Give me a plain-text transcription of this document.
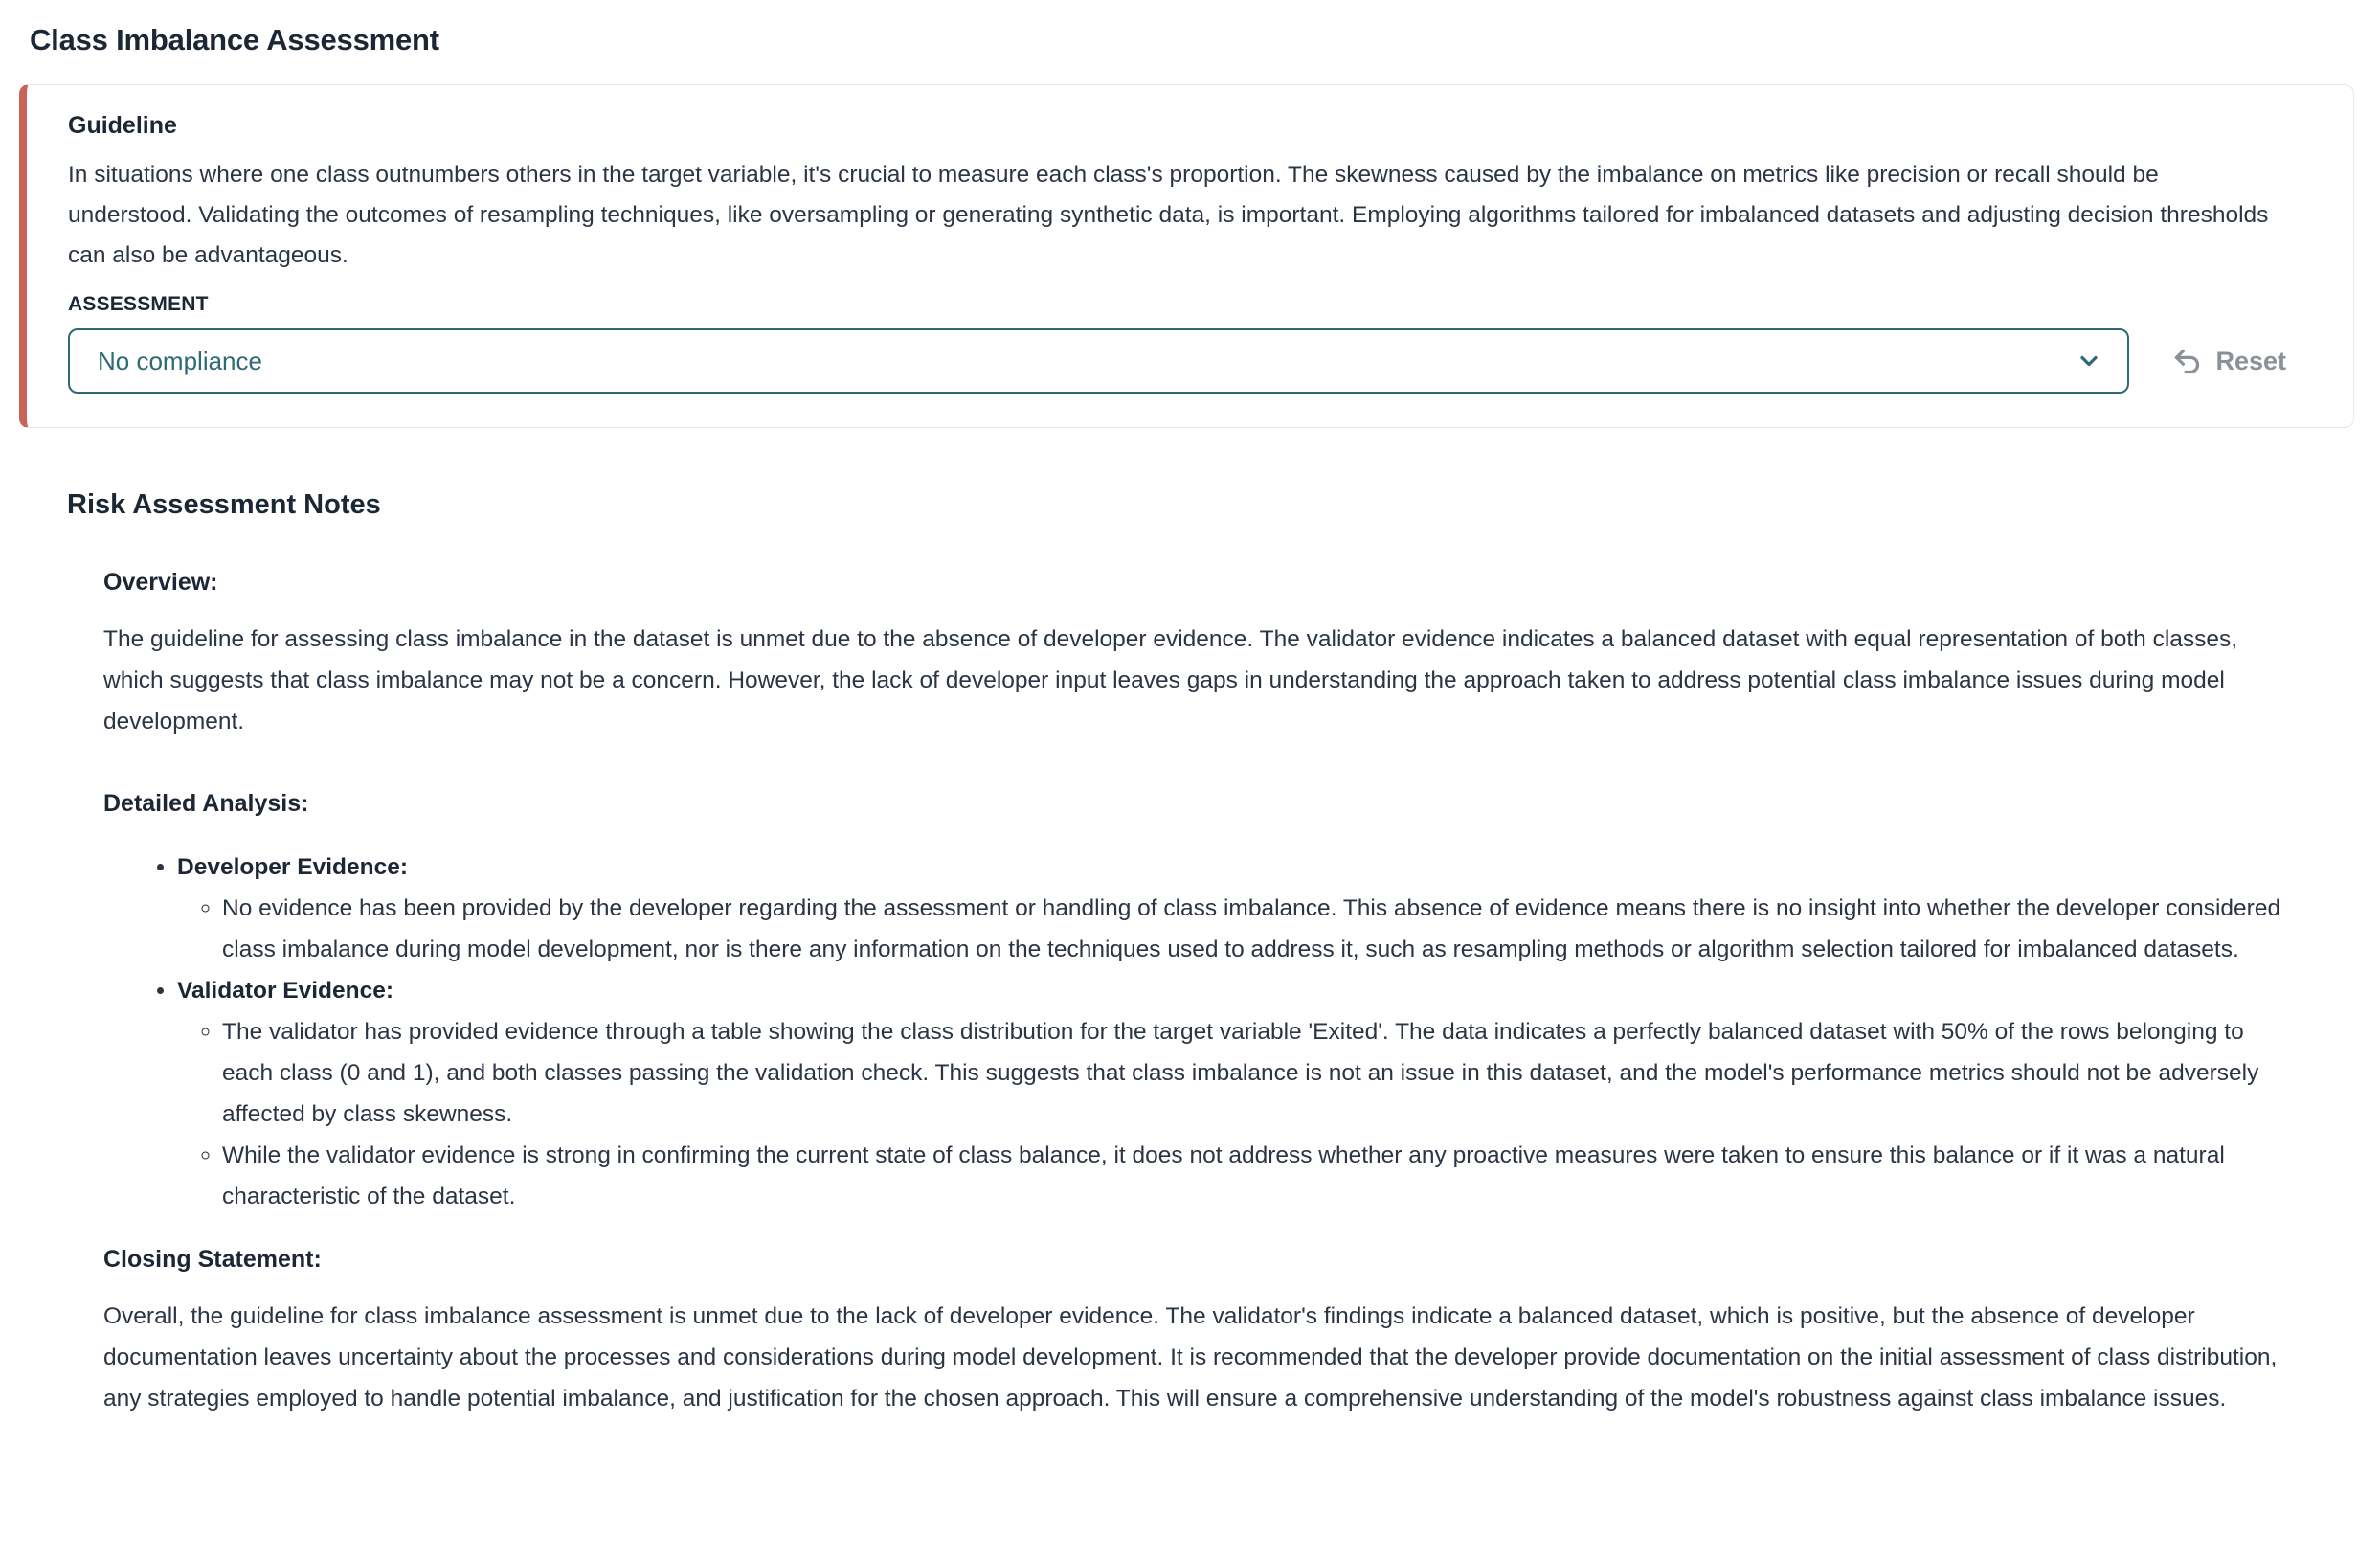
Class Imbalance Assessment
Guideline

In situations where one class outnumbers others in the target variable, it's crucial to measure each class's proportion. The skewness caused by the imbalance on metrics like precision or recall should be understood. Validating the outcomes of resampling techniques, like oversampling or generating synthetic data, is important. Employing algorithms tailored for imbalanced datasets and adjusting decision thresholds can also be advantageous.

ASSESSMENT
No compliance	Reset
Risk Assessment Notes
Overview:

The guideline for assessing class imbalance in the dataset is unmet due to the absence of developer evidence. The validator evidence indicates a balanced dataset with equal representation of both classes, which suggests that class imbalance may not be a concern. However, the lack of developer input leaves gaps in understanding the approach taken to address potential class imbalance issues during model development.

Detailed Analysis:
• Developer Evidence:
◦ No evidence has been provided by the developer regarding the assessment or handling of class imbalance. This absence of evidence means there is no insight into whether the developer considered class imbalance during model development, nor is there any information on the techniques used to address it, such as resampling methods or algorithm selection tailored for imbalanced datasets.
• Validator Evidence:
◦ The validator has provided evidence through a table showing the class distribution for the target variable 'Exited'. The data indicates a perfectly balanced dataset with 50% of the rows belonging to each class (0 and 1), and both classes passing the validation check. This suggests that class imbalance is not an issue in this dataset, and the model's performance metrics should not be adversely affected by class skewness.
◦ While the validator evidence is strong in confirming the current state of class balance, it does not address whether any proactive measures were taken to ensure this balance or if it was a natural characteristic of the dataset.
Closing Statement:

Overall, the guideline for class imbalance assessment is unmet due to the lack of developer evidence. The validator's findings indicate a balanced dataset, which is positive, but the absence of developer documentation leaves uncertainty about the processes and considerations during model development. It is recommended that the developer provide documentation on the initial assessment of class distribution, any strategies employed to handle potential imbalance, and justification for the chosen approach. This will ensure a comprehensive understanding of the model's robustness against class imbalance issues.
